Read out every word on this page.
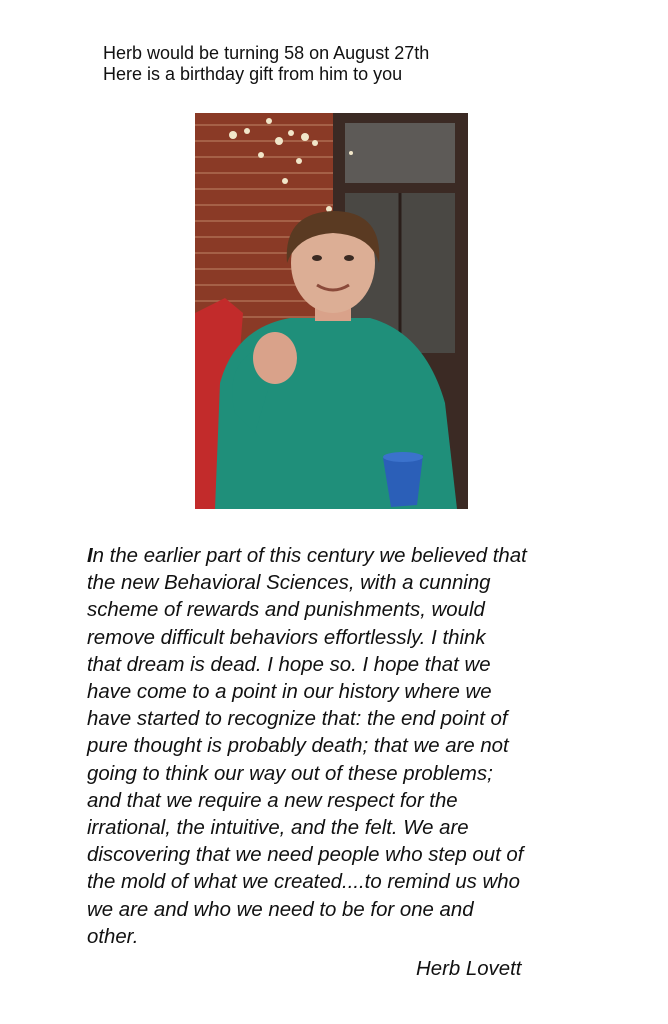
Herb would be turning 58 on August 27th
Here is a birthday gift from him to you
In the earlier part of this century we believed that
the new Behavioral Sciences, with a cunning
scheme of rewards and punishments, would
remove difficult behaviors effortlessly. I think
that dream is dead. I hope so. I hope that we
have come to a point in our history where we
have started to recognize that: the end point of
pure thought is probably death; that we are not
going to think our way out of these problems;
and that we require a new respect for the
irrational, the intuitive, and the felt. We are
discovering that we need people who step out of
the mold of what we created....to remind us who
we are and who we need to be for one and
other.
Herb Lovett
